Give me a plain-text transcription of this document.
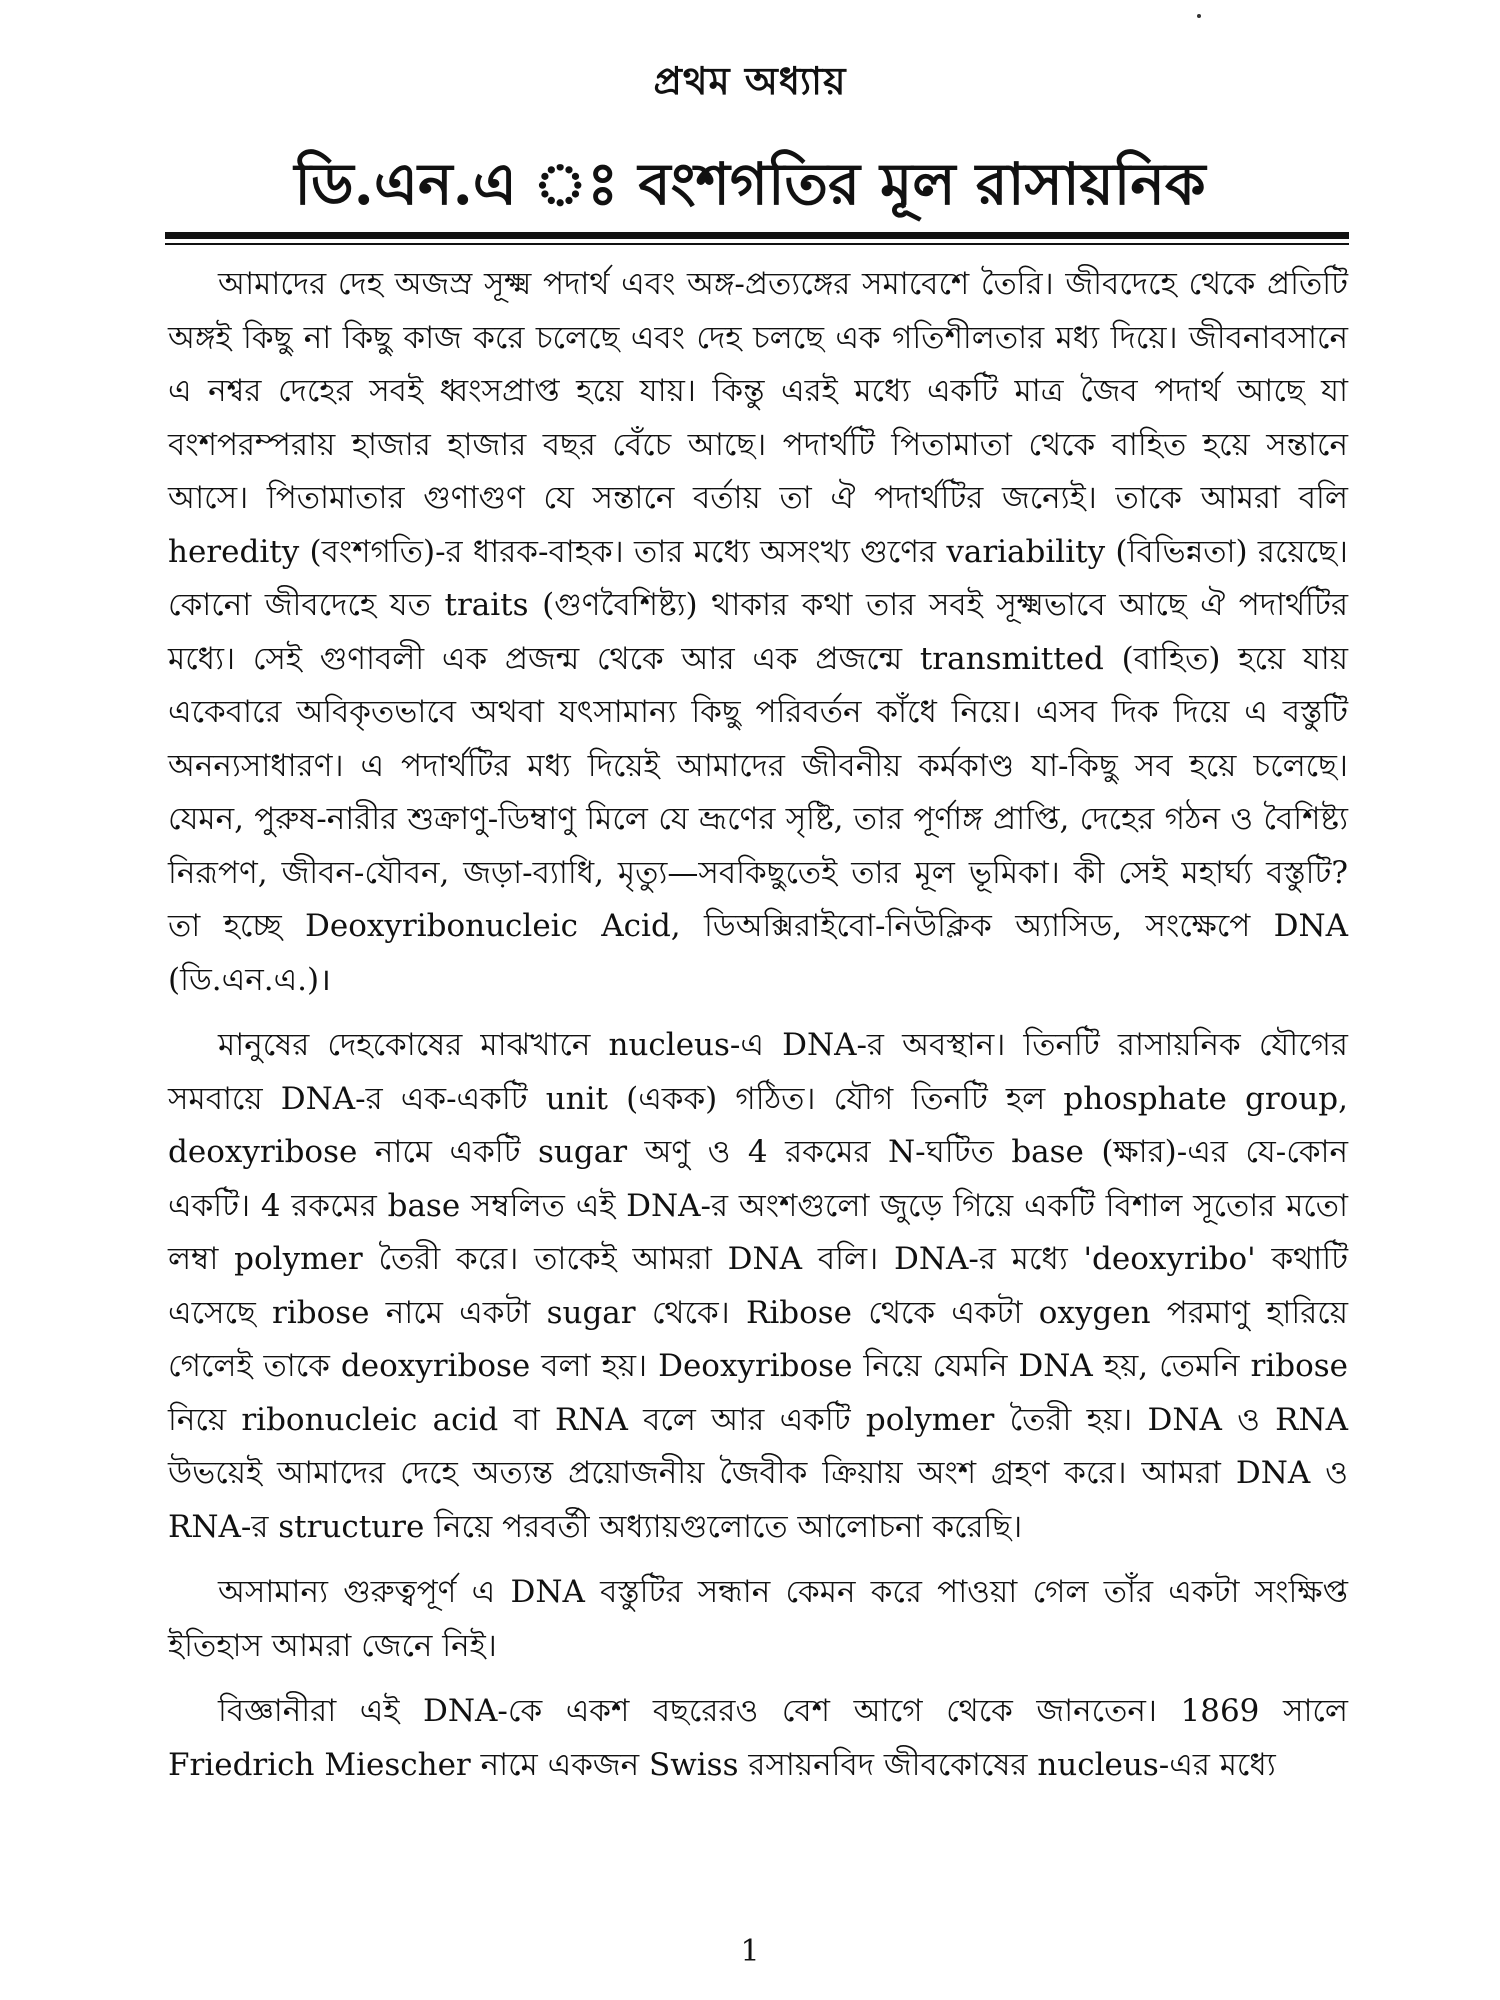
প্রথম অধ্যায়
ডি.এন.এ ঃ বংশগতির মূল রাসায়নিক

আমাদের দেহ অজস্র সূক্ষ্ম পদার্থ এবং অঙ্গ-প্রত্যঙ্গের সমাবেশে তৈরি। জীবদেহে থেকে প্রতিটি অঙ্গই কিছু না কিছু কাজ করে চলেছে এবং দেহ চলছে এক গতিশীলতার মধ্য দিয়ে। জীবনাবসানে এ নশ্বর দেহের সবই ধ্বংসপ্রাপ্ত হয়ে যায়। কিন্তু এরই মধ্যে একটি মাত্র জৈব পদার্থ আছে যা বংশপরম্পরায় হাজার হাজার বছর বেঁচে আছে। পদার্থটি পিতামাতা থেকে বাহিত হয়ে সন্তানে আসে। পিতামাতার গুণাগুণ যে সন্তানে বর্তায় তা ঐ পদার্থটির জন্যেই। তাকে আমরা বলি heredity (বংশগতি)-র ধারক-বাহক। তার মধ্যে অসংখ্য গুণের variability (বিভিন্নতা) রয়েছে। কোনো জীবদেহে যত traits (গুণবৈশিষ্ট্য) থাকার কথা তার সবই সূক্ষ্মভাবে আছে ঐ পদার্থটির মধ্যে। সেই গুণাবলী এক প্রজন্ম থেকে আর এক প্রজন্মে transmitted (বাহিত) হয়ে যায় একেবারে অবিকৃতভাবে অথবা যৎসামান্য কিছু পরিবর্তন কাঁধে নিয়ে। এসব দিক দিয়ে এ বস্তুটি অনন্যসাধারণ। এ পদার্থটির মধ্য দিয়েই আমাদের জীবনীয় কর্মকাণ্ড যা-কিছু সব হয়ে চলেছে। যেমন, পুরুষ-নারীর শুক্রাণু-ডিম্বাণু মিলে যে ভ্রূণের সৃষ্টি, তার পূর্ণাঙ্গ প্রাপ্তি, দেহের গঠন ও বৈশিষ্ট্য নিরূপণ, জীবন-যৌবন, জড়া-ব্যাধি, মৃত্যু—সবকিছুতেই তার মূল ভূমিকা। কী সেই মহার্ঘ্য বস্তুটি? তা হচ্ছে Deoxyribonucleic Acid, ডিঅক্সিরাইবো-নিউক্লিক অ্যাসিড, সংক্ষেপে DNA (ডি.এন.এ.)।

মানুষের দেহকোষের মাঝখানে nucleus-এ DNA-র অবস্থান। তিনটি রাসায়নিক যৌগের সমবায়ে DNA-র এক-একটি unit (একক) গঠিত। যৌগ তিনটি হল phosphate group, deoxyribose নামে একটি sugar অণু ও 4 রকমের N-ঘটিত base (ক্ষার)-এর যে-কোন একটি। 4 রকমের base সম্বলিত এই DNA-র অংশগুলো জুড়ে গিয়ে একটি বিশাল সূতোর মতো লম্বা polymer তৈরী করে। তাকেই আমরা DNA বলি। DNA-র মধ্যে 'deoxyribo' কথাটি এসেছে ribose নামে একটা sugar থেকে। Ribose থেকে একটা oxygen পরমাণু হারিয়ে গেলেই তাকে deoxyribose বলা হয়। Deoxyribose নিয়ে যেমনি DNA হয়, তেমনি ribose নিয়ে ribonucleic acid বা RNA বলে আর একটি polymer তৈরী হয়। DNA ও RNA উভয়েই আমাদের দেহে অত্যন্ত প্রয়োজনীয় জৈবীক ক্রিয়ায় অংশ গ্রহণ করে। আমরা DNA ও RNA-র structure নিয়ে পরবর্তী অধ্যায়গুলোতে আলোচনা করেছি।

অসামান্য গুরুত্বপূর্ণ এ DNA বস্তুটির সন্ধান কেমন করে পাওয়া গেল তাঁর একটা সংক্ষিপ্ত ইতিহাস আমরা জেনে নিই।

বিজ্ঞানীরা এই DNA-কে একশ বছরেরও বেশ আগে থেকে জানতেন। 1869 সালে Friedrich Miescher নামে একজন Swiss রসায়নবিদ জীবকোষের nucleus-এর মধ্যে

1
